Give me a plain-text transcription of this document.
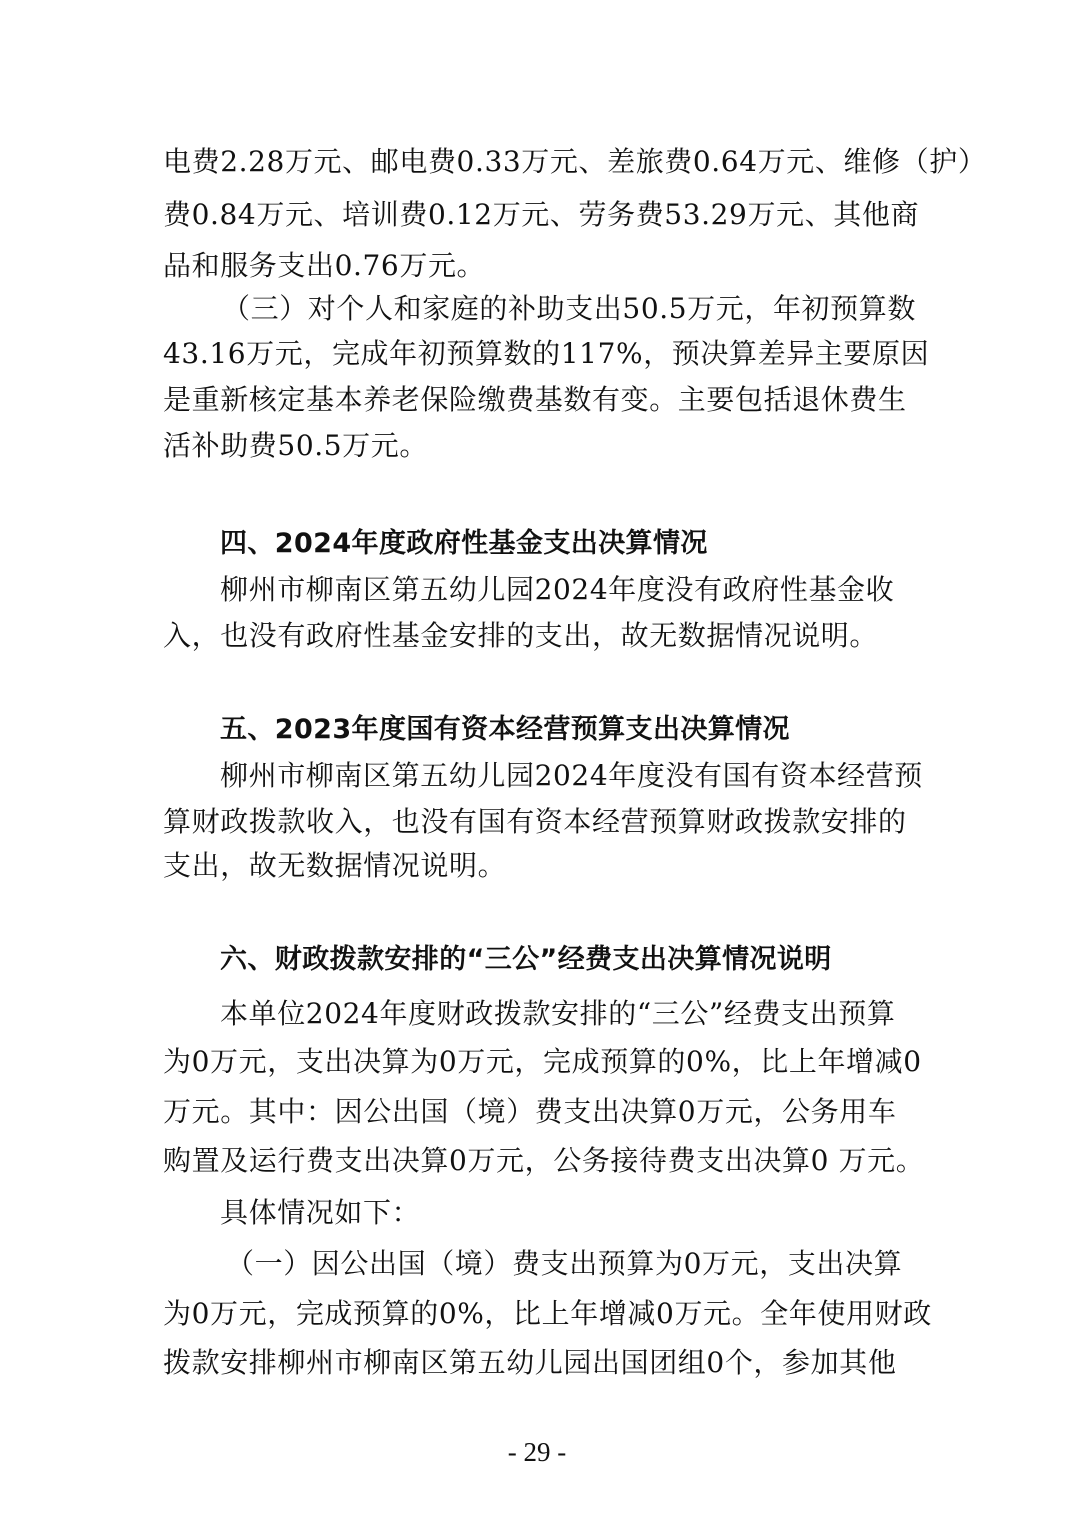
电费2.28万元、邮电费0.33万元、差旅费0.64万元、维修（护）
费0.84万元、培训费0.12万元、劳务费53.29万元、其他商
品和服务支出0.76万元。
（三）对个人和家庭的补助支出50.5万元，年初预算数
43.16万元，完成年初预算数的117%，预决算差异主要原因
是重新核定基本养老保险缴费基数有变。主要包括退休费生
活补助费50.5万元。
四、2024年度政府性基金支出决算情况
柳州市柳南区第五幼儿园2024年度没有政府性基金收
入，也没有政府性基金安排的支出，故无数据情况说明。
五、2023年度国有资本经营预算支出决算情况
柳州市柳南区第五幼儿园2024年度没有国有资本经营预
算财政拨款收入，也没有国有资本经营预算财政拨款安排的
支出，故无数据情况说明。
六、财政拨款安排的“三公”经费支出决算情况说明
本单位2024年度财政拨款安排的“三公”经费支出预算
为0万元，支出决算为0万元，完成预算的0%，比上年增减0
万元。其中：因公出国（境）费支出决算0万元，公务用车
购置及运行费支出决算0万元，公务接待费支出决算0 万元。
具体情况如下：
（一）因公出国（境）费支出预算为0万元，支出决算
为0万元，完成预算的0%，比上年增减0万元。全年使用财政
拨款安排柳州市柳南区第五幼儿园出国团组0个，参加其他
- 29 -
